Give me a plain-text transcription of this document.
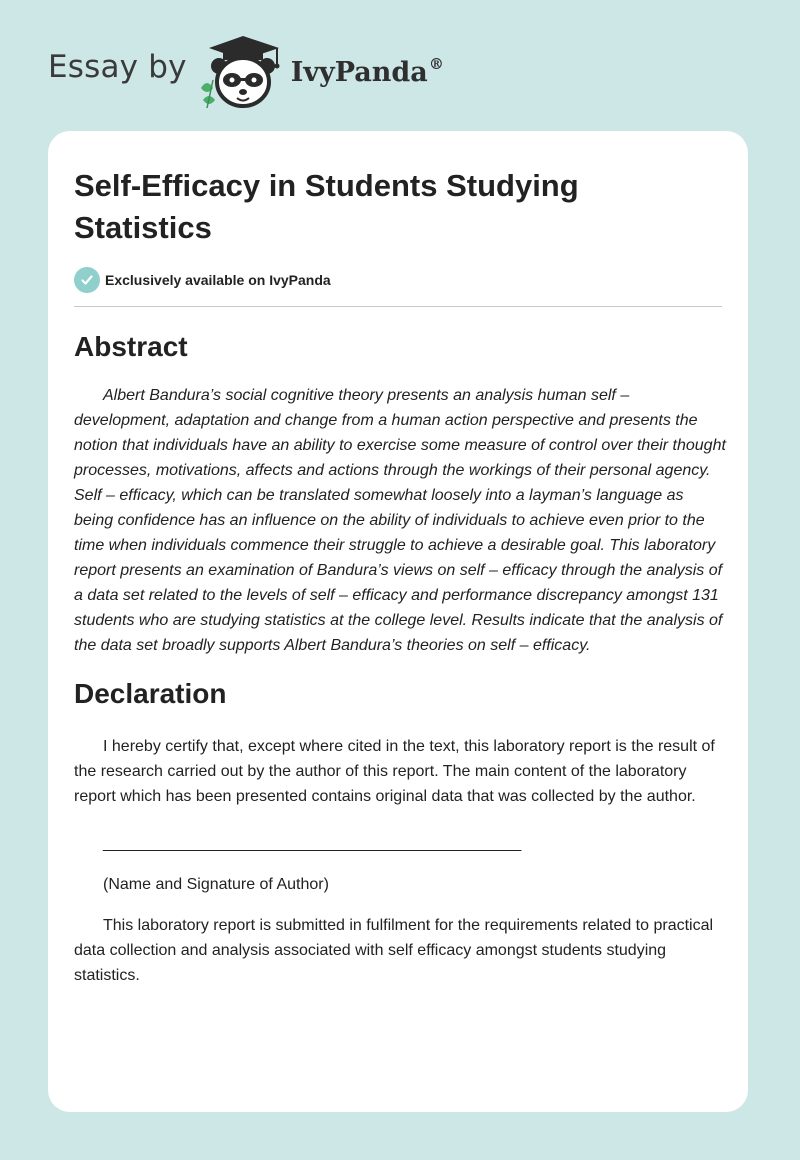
Essay by	IvyPanda®
Self-Efficacy in Students Studying Statistics
Exclusively available on IvyPanda
Abstract

Albert Bandura’s social cognitive theory presents an analysis human self – development, adaptation and change from a human action perspective and presents the notion that individuals have an ability to exercise some measure of control over their thought processes, motivations, affects and actions through the workings of their personal agency. Self – efficacy, which can be translated somewhat loosely into a layman’s language as being confidence has an influence on the ability of individuals to achieve even prior to the time when individuals commence their struggle to achieve a desirable goal. This laboratory report presents an examination of Bandura’s views on self – efficacy through the analysis of a data set related to the levels of self – efficacy and performance discrepancy amongst 131 students who are studying statistics at the college level. Results indicate that the analysis of the data set broadly supports Albert Bandura’s theories on self – efficacy.

Declaration

I hereby certify that, except where cited in the text, this laboratory report is the result of the research carried out by the author of this report. The main content of the laboratory report which has been presented contains original data that was collected by the author.

_______________________________________________
(Name and Signature of Author)

This laboratory report is submitted in fulfilment for the requirements related to practical data collection and analysis associated with self efficacy amongst students studying statistics.
